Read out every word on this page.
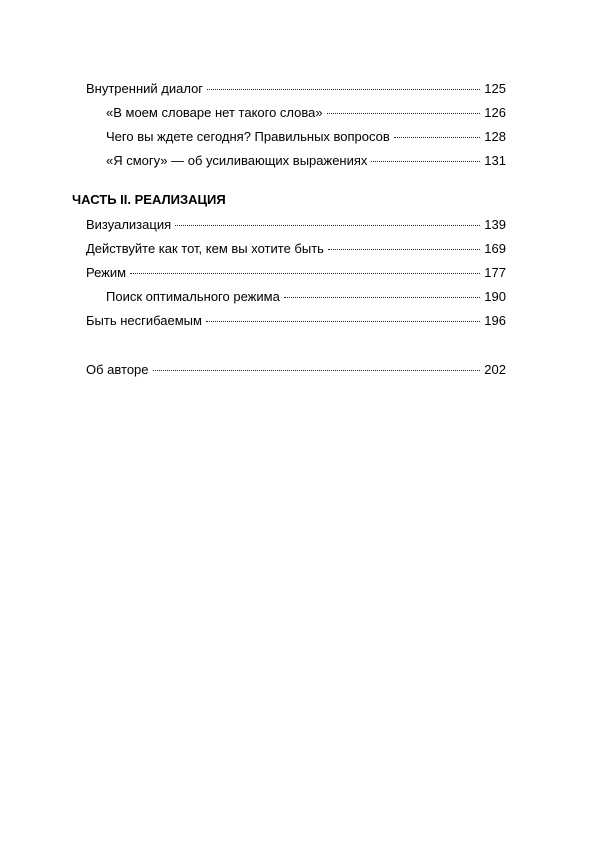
Внутренний диалог	125
«В моем словаре нет такого слова»	126
Чего вы ждете сегодня? Правильных вопросов	128
«Я смогу» — об усиливающих выражениях	131
ЧАСТЬ II. РЕАЛИЗАЦИЯ
Визуализация	139
Действуйте как тот, кем вы хотите быть	169
Режим	177
Поиск оптимального режима	190
Быть несгибаемым	196
Об авторе	202
